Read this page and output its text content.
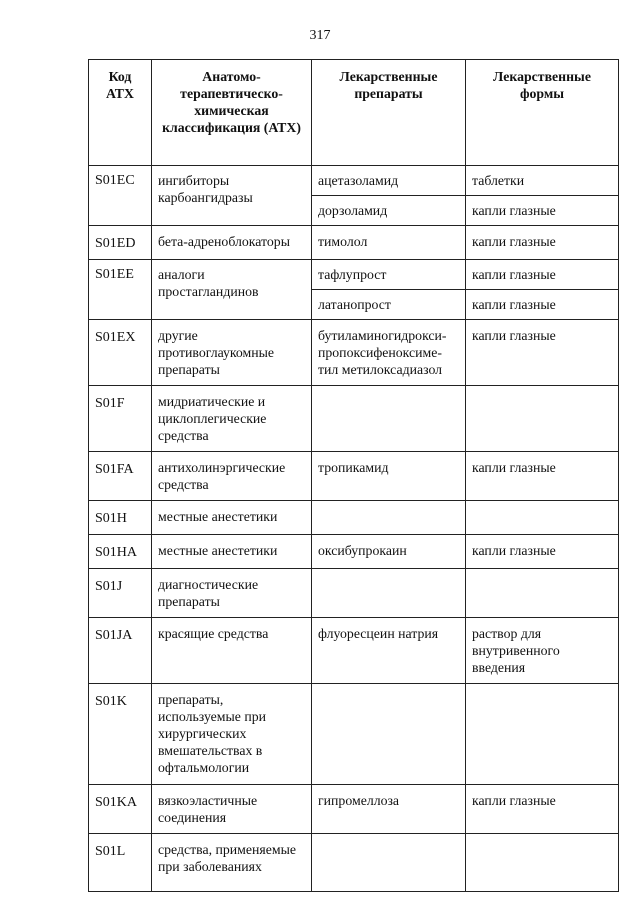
317
Код АТХ	Анатомо-терапевтическо-химическая классификация (АТХ)	Лекарственные препараты	Лекарственные формы
S01EC	ингибиторы карбоангидразы	ацетазоламид	таблетки
		дорзоламид	капли глазные
S01ED	бета-адреноблокаторы	тимолол	капли глазные
S01EE	аналоги простагландинов	тафлупрост	капли глазные
		латанопрост	капли глазные
S01EX	другие противоглаукомные препараты	бутиламиногидрокси-пропоксифеноксиме-тил метилоксадиазол	капли глазные
S01F	мидриатические и циклоплегические средства		
S01FA	антихолинэргические средства	тропикамид	капли глазные
S01H	местные анестетики		
S01HA	местные анестетики	оксибупрокаин	капли глазные
S01J	диагностические препараты		
S01JA	красящие средства	флуоресцеин натрия	раствор для внутривенного введения
S01K	препараты, используемые при хирургических вмешательствах в офтальмологии		
S01KA	вязкоэластичные соединения	гипромеллоза	капли глазные
S01L	средства, применяемые при заболеваниях		
